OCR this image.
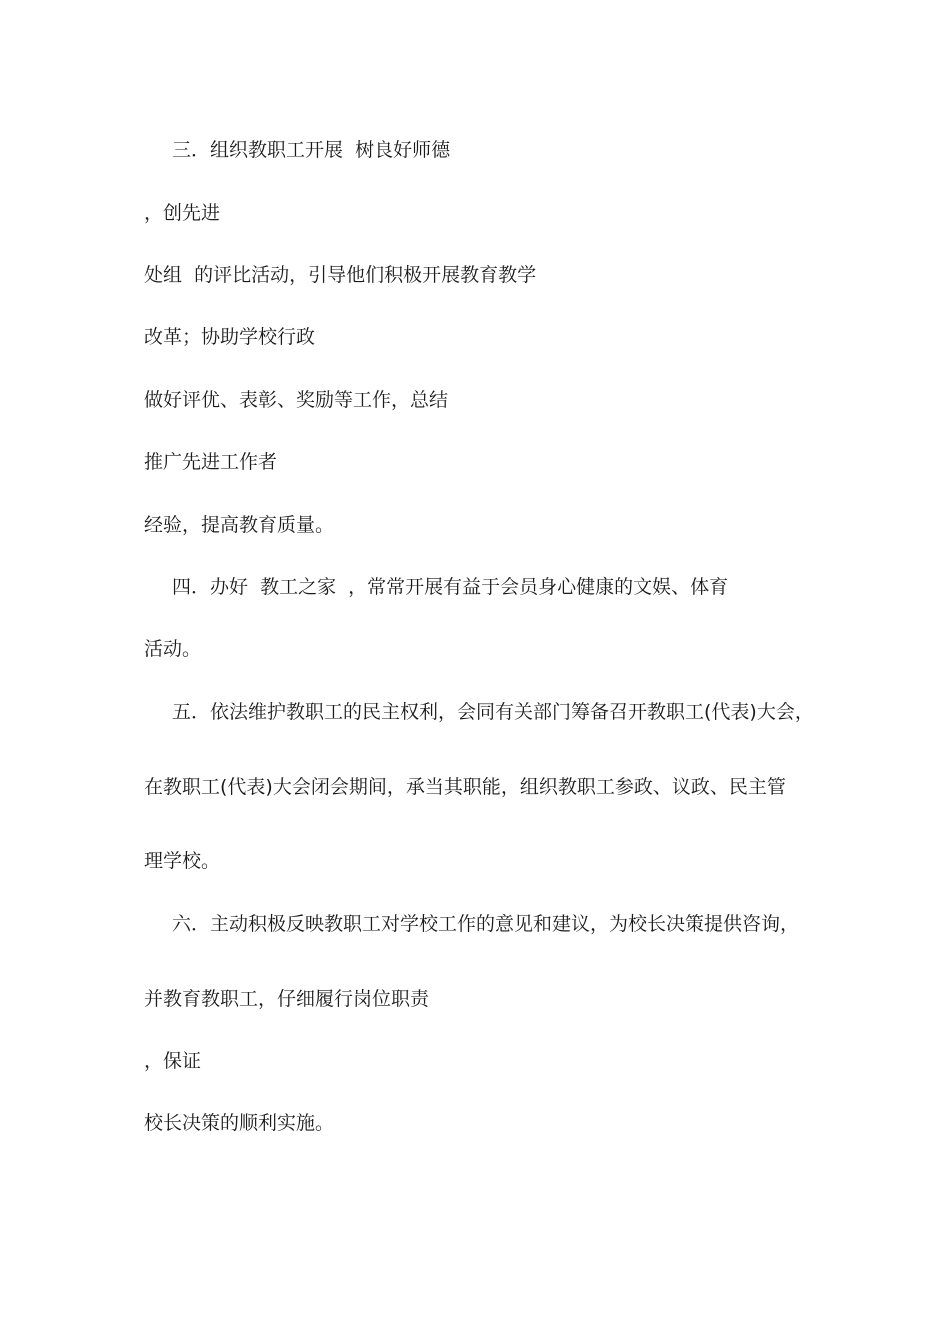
三．组织教职工开展  树良好师德
，创先进
处组  的评比活动，引导他们积极开展教育教学
改革；协助学校行政
做好评优、表彰、奖励等工作，总结
推广先进工作者
经验，提高教育质量。
四．办好  教工之家  ，常常开展有益于会员身心健康的文娱、体育
活动。
五．依法维护教职工的民主权利，会同有关部门筹备召开教职工(代表)大会，
在教职工(代表)大会闭会期间，承当其职能，组织教职工参政、议政、民主管
理学校。
六．主动积极反映教职工对学校工作的意见和建议，为校长决策提供咨询，
并教育教职工，仔细履行岗位职责
，保证
校长决策的顺利实施。
